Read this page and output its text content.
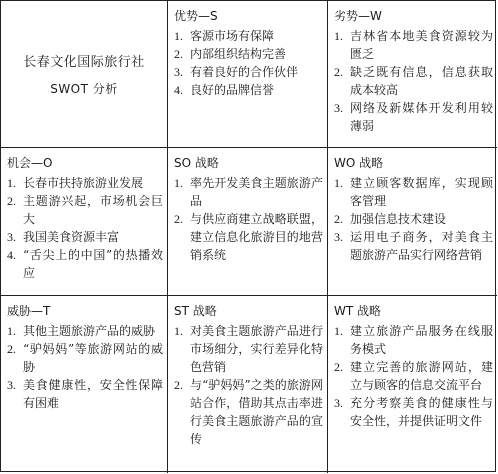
长春文化国际旅行社
SWOT 分析
优势—S
1. 客源市场有保障
2. 内部组织结构完善
3. 有着良好的合作伙伴
4. 良好的品牌信誉
劣势—W
1. 吉林省本地美食资源较为匮乏
2. 缺乏既有信息，信息获取成本较高
3. 网络及新媒体开发利用较薄弱
机会—O
1. 长春市扶持旅游业发展
2. 主题游兴起，市场机会巨大
3. 我国美食资源丰富
4. “舌尖上的中国”的热播效应
SO 战略
1. 率先开发美食主题旅游产品
2. 与供应商建立战略联盟，建立信息化旅游目的地营销系统
WO 战略
1. 建立顾客数据库，实现顾客管理
2. 加强信息技术建设
3. 运用电子商务，对美食主题旅游产品实行网络营销
威胁—T
1. 其他主题旅游产品的威胁
2. “驴妈妈”等旅游网站的威胁
3. 美食健康性，安全性保障有困难
ST 战略
1. 对美食主题旅游产品进行市场细分，实行差异化特色营销
2. 与“驴妈妈”之类的旅游网站合作，借助其点击率进行美食主题旅游产品的宣传
WT 战略
1. 建立旅游产品服务在线服务模式
2. 建立完善的旅游网站，建立与顾客的信息交流平台
3. 充分考察美食的健康性与安全性，并提供证明文件
